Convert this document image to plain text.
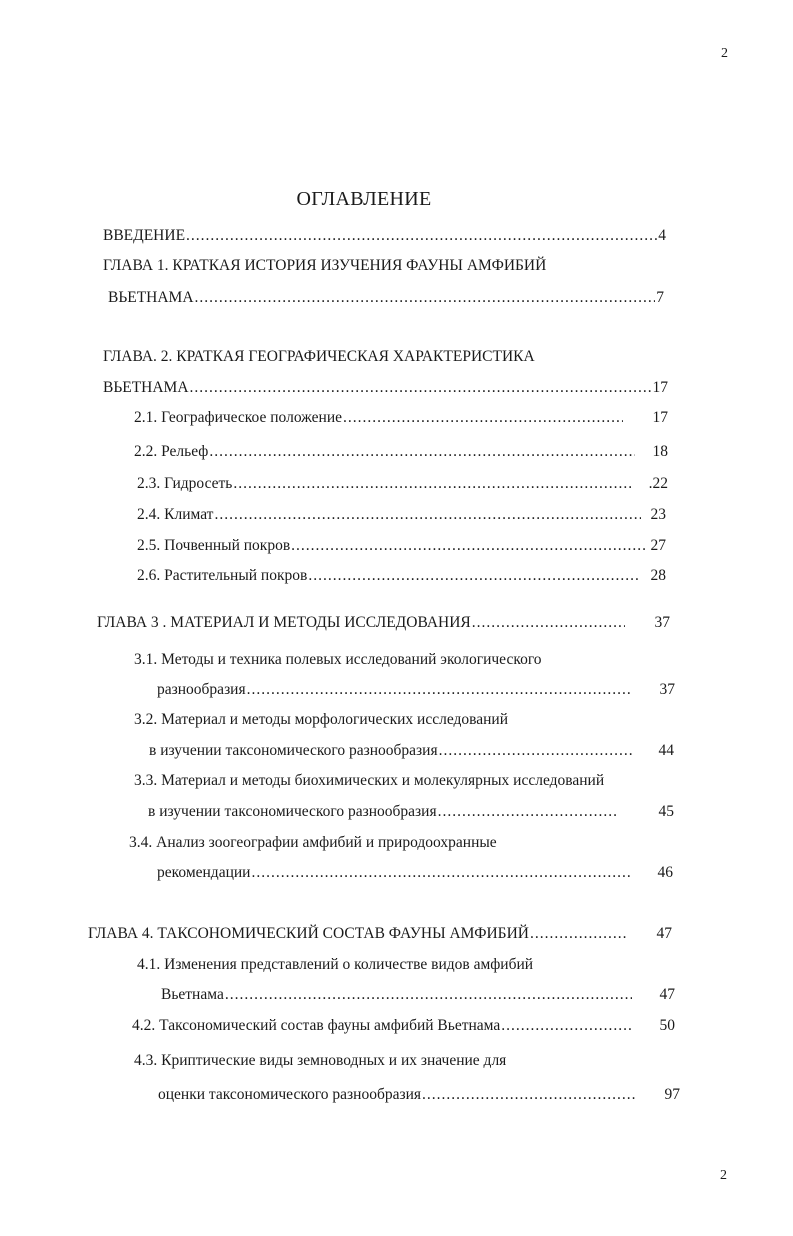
2
ОГЛАВЛЕНИЕ
ВВЕДЕНИЕ .....	4
ГЛАВА 1. КРАТКАЯ ИСТОРИЯ ИЗУЧЕНИЯ ФАУНЫ АМФИБИЙ
ВЬЕТНАМА .....	7
ГЛАВА. 2. КРАТКАЯ ГЕОГРАФИЧЕСКАЯ ХАРАКТЕРИСТИКА
ВЬЕТНАМА .....	17
2.1. Географическое положение .....	17
2.2. Рельеф .....	18
2.3. Гидросеть .....	.22
2.4. Климат .....	23
2.5. Почвенный покров .....	27
2.6. Растительный покров .....	28
ГЛАВА 3 . МАТЕРИАЛ И МЕТОДЫ ИССЛЕДОВАНИЯ .....	37
3.1. Методы и техника полевых исследований экологического
разнообразия .....	37
3.2. Материал и методы морфологических исследований
в изучении таксономического разнообразия .....	44
3.3. Материал и методы биохимических и молекулярных исследований
в изучении таксономического разнообразия .....	45
3.4. Анализ зоогеографии амфибий и природоохранные
рекомендации .....	46
ГЛАВА 4. ТАКСОНОМИЧЕСКИЙ СОСТАВ ФАУНЫ АМФИБИЙ .....	47
4.1. Изменения представлений о количестве видов амфибий
Вьетнама .....	47
4.2. Таксономический состав фауны амфибий Вьетнама .....	50
4.3. Криптические виды земноводных и их значение для
оценки таксономического разнообразия .....	97
2
